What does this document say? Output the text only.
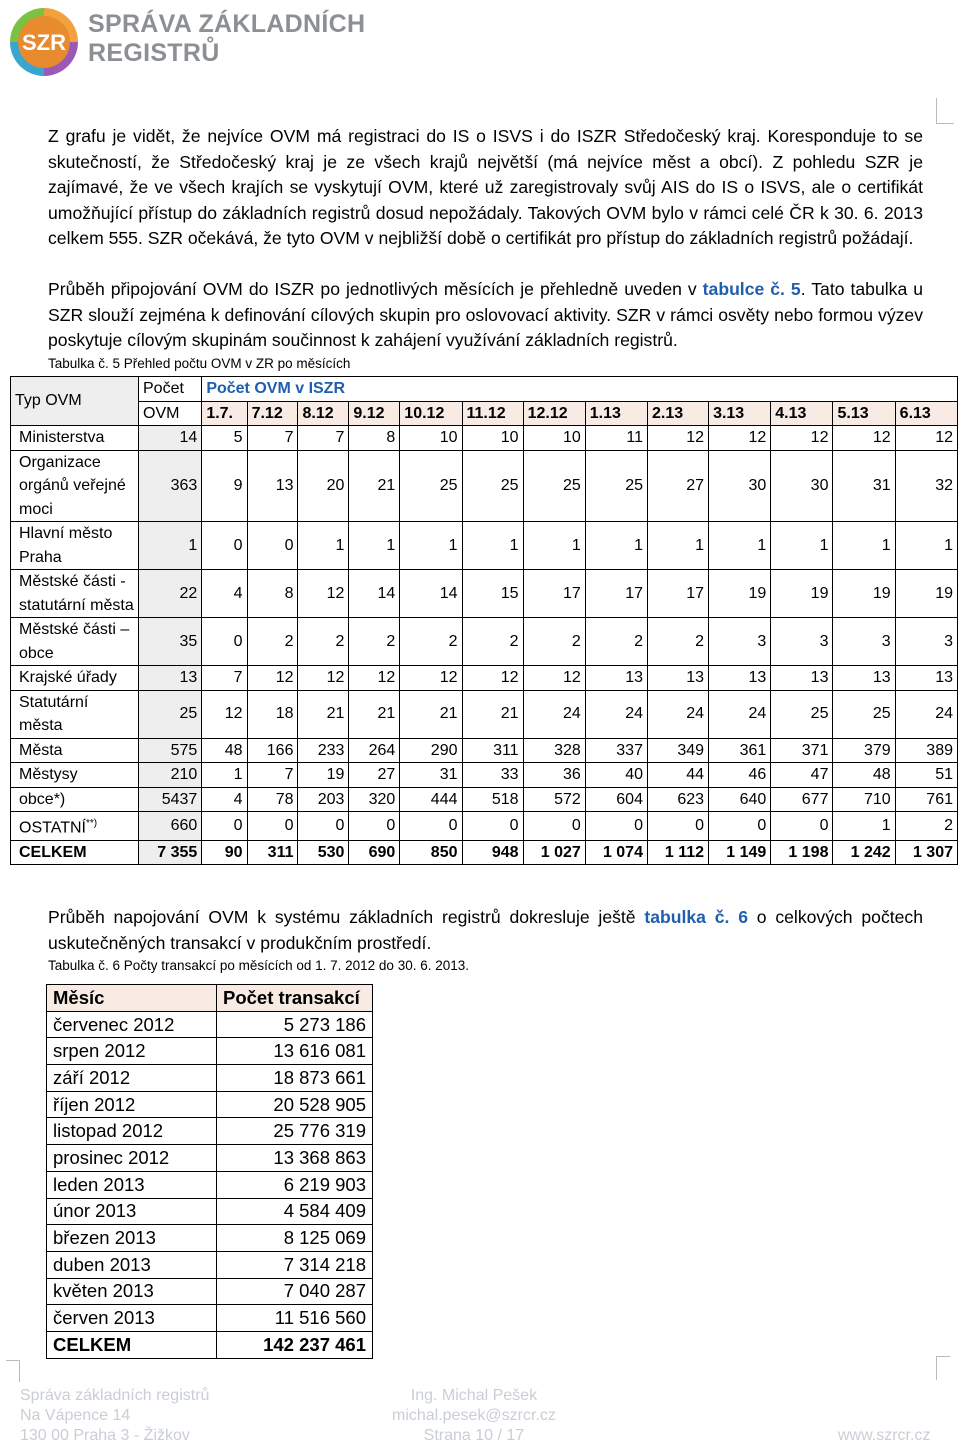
SZR
SPRÁVA ZÁKLADNÍCH
REGISTRŮ
Z grafu je vidět, že nejvíce OVM má registraci do IS o ISVS i do ISZR Středočeský kraj. Koresponduje to se skutečností, že Středočeský kraj je ze všech krajů největší (má nejvíce měst a obcí). Z pohledu SZR je zajímavé, že ve všech krajích se vyskytují OVM, které už zaregistrovaly svůj AIS do IS o ISVS, ale o certifikát umožňující přístup do základních registrů dosud nepožádaly. Takových OVM bylo v rámci celé ČR k 30. 6. 2013 celkem 555. SZR očekává, že tyto OVM v nejbližší době o certifikát pro přístup do základních registrů požádají.
Průběh připojování OVM do ISZR po jednotlivých měsících je přehledně uveden v tabulce č. 5. Tato tabulka u SZR slouží zejména k definování cílových skupin pro oslovovací aktivity. SZR v rámci osvěty nebo formou výzev poskytuje cílovým skupinám součinnost k zahájení využívání základních registrů.
Tabulka č. 5 Přehled počtu OVM v ZR po měsících
Typ OVM	Počet	Počet OVM v ISZR												
	OVM	1.7.	7.12	8.12	9.12	10.12	11.12	12.12	1.13	2.13	3.13	4.13	5.13	6.13
Ministerstva	14	5	7	7	8	10	10	10	11	12	12	12	12	12
Organizace orgánů veřejné moci	363	9	13	20	21	25	25	25	25	27	30	30	31	32
Hlavní město Praha	1	0	0	1	1	1	1	1	1	1	1	1	1	1
Městské části - statutární města	22	4	8	12	14	14	15	17	17	17	19	19	19	19
Městské části – obce	35	0	2	2	2	2	2	2	2	2	3	3	3	3
Krajské úřady	13	7	12	12	12	12	12	12	13	13	13	13	13	13
Statutární města	25	12	18	21	21	21	21	24	24	24	24	25	25	24
Města	575	48	166	233	264	290	311	328	337	349	361	371	379	389
Městysy	210	1	7	19	27	31	33	36	40	44	46	47	48	51
obce*)	5437	4	78	203	320	444	518	572	604	623	640	677	710	761
OSTATNÍ**)	660	0	0	0	0	0	0	0	0	0	0	0	1	2
CELKEM	7 355	90	311	530	690	850	948	1 027	1 074	1 112	1 149	1 198	1 242	1 307
Průběh napojování OVM k systému základních registrů dokresluje ještě tabulka č. 6 o celkových počtech uskutečněných transakcí v produkčním prostředí.
Tabulka č. 6 Počty transakcí po měsících od 1. 7. 2012 do 30. 6. 2013.
Měsíc	Počet transakcí
červenec 2012	5 273 186
srpen 2012	13 616 081
září 2012	18 873 661
říjen 2012	20 528 905
listopad 2012	25 776 319
prosinec 2012	13 368 863
leden 2013	6 219 903
únor 2013	4 584 409
březen 2013	8 125 069
duben 2013	7 314 218
květen 2013	7 040 287
červen 2013	11 516 560
CELKEM	142 237 461
Správa základních registrů
Na Vápence 14
130 00 Praha 3 - Žižkov
Ing. Michal Pešek
michal.pesek@szrcr.cz
Strana 10 / 17	www.szrcr.cz
